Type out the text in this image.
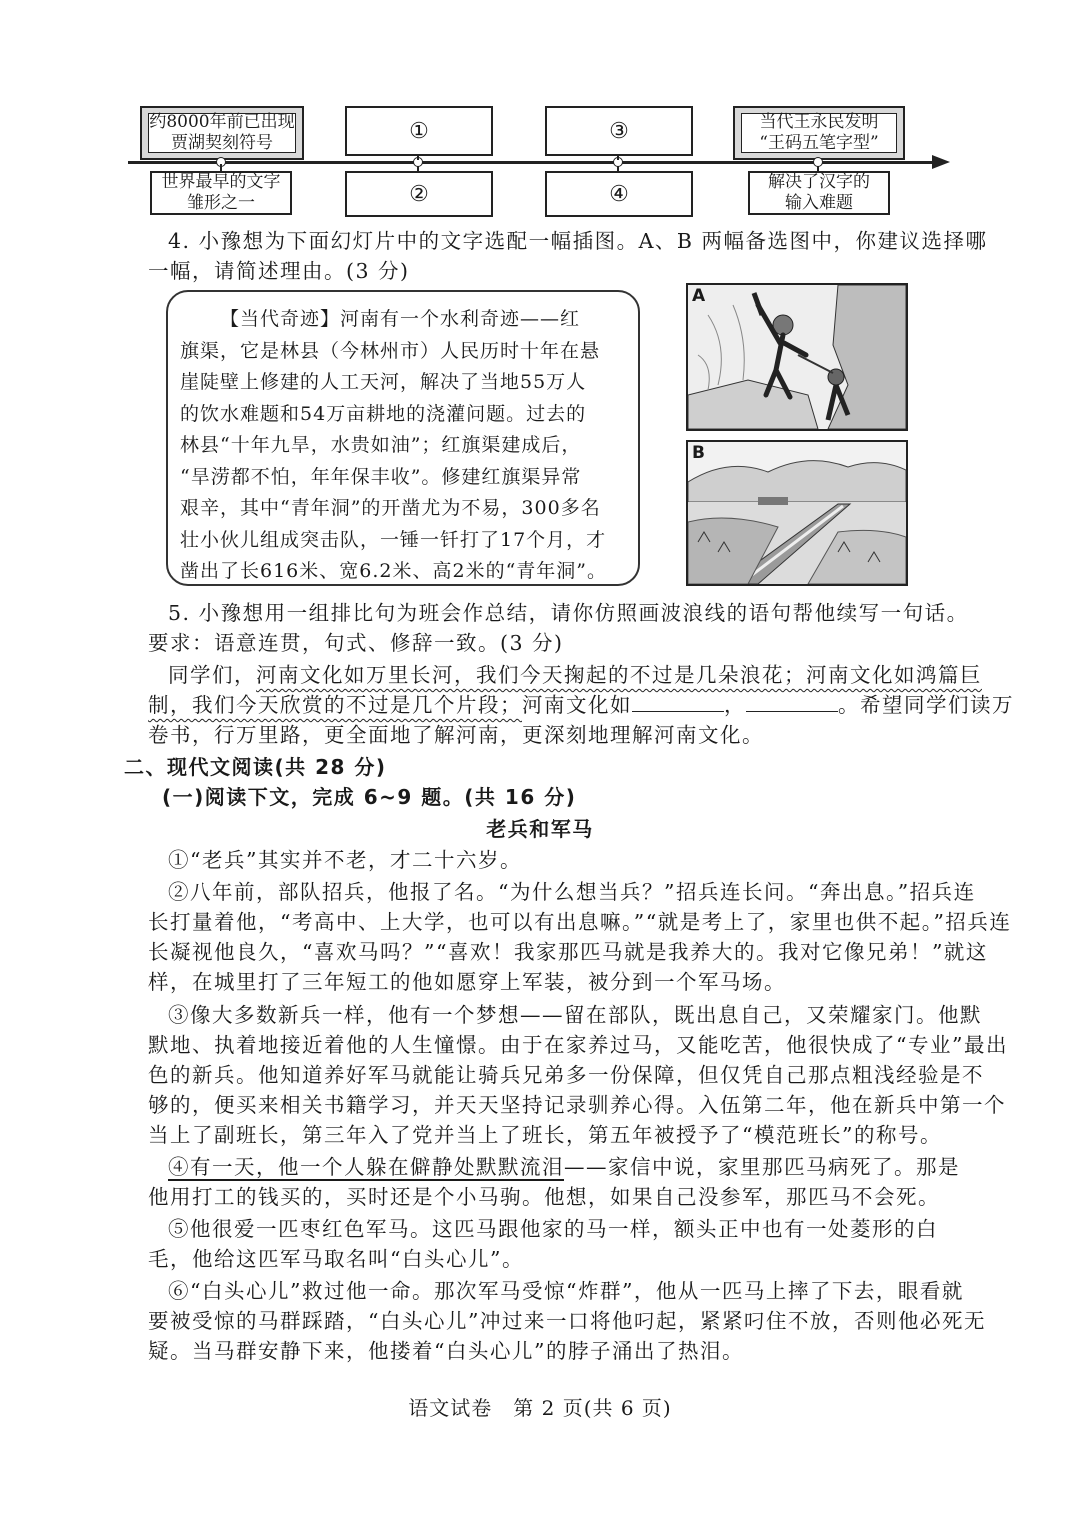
约8000年前已出现
贾湖契刻符号	①	③	当代王永民发明
“王码五笔字型”
世界最早的文字
雏形之一	②	④	解决了汉字的
输入难题
4. 小豫想为下面幻灯片中的文字选配一幅插图。A、B 两幅备选图中，你建议选择哪
一幅，请简述理由。(3 分)
【当代奇迹】河南有一个水利奇迹——红
旗渠，它是林县（今林州市）人民历时十年在悬
崖陡壁上修建的人工天河，解决了当地55万人
的饮水难题和54万亩耕地的浇灌问题。过去的
林县“十年九旱，水贵如油”；红旗渠建成后，
“旱涝都不怕，年年保丰收”。修建红旗渠异常
艰辛，其中“青年洞”的开凿尤为不易，300多名
壮小伙儿组成突击队，一锤一钎打了17个月，才
凿出了长616米、宽6.2米、高2米的“青年洞”。
A
B
5. 小豫想用一组排比句为班会作总结，请你仿照画波浪线的语句帮他续写一句话。
要求：语意连贯，句式、修辞一致。(3 分)
同学们，河南文化如万里长河，我们今天掬起的不过是几朵浪花；河南文化如鸿篇巨
制，我们今天欣赏的不过是几个片段；河南文化如	，	。希望同学们读万
卷书，行万里路，更全面地了解河南，更深刻地理解河南文化。
二、现代文阅读(共 28 分)
(一)阅读下文，完成 6~9 题。(共 16 分)
老兵和军马
①“老兵”其实并不老，才二十六岁。
②八年前，部队招兵，他报了名。“为什么想当兵？”招兵连长问。“奔出息。”招兵连
长打量着他，“考高中、上大学，也可以有出息嘛。”“就是考上了，家里也供不起。”招兵连
长凝视他良久，“喜欢马吗？”“喜欢！我家那匹马就是我养大的。我对它像兄弟！”就这
样，在城里打了三年短工的他如愿穿上军装，被分到一个军马场。
③像大多数新兵一样，他有一个梦想——留在部队，既出息自己，又荣耀家门。他默
默地、执着地接近着他的人生憧憬。由于在家养过马，又能吃苦，他很快成了“专业”最出
色的新兵。他知道养好军马就能让骑兵兄弟多一份保障，但仅凭自己那点粗浅经验是不
够的，便买来相关书籍学习，并天天坚持记录驯养心得。入伍第二年，他在新兵中第一个
当上了副班长，第三年入了党并当上了班长，第五年被授予了“模范班长”的称号。
④有一天，他一个人躲在僻静处默默流泪——家信中说，家里那匹马病死了。那是
他用打工的钱买的，买时还是个小马驹。他想，如果自己没参军，那匹马不会死。
⑤他很爱一匹枣红色军马。这匹马跟他家的马一样，额头正中也有一处菱形的白
毛，他给这匹军马取名叫“白头心儿”。
⑥“白头心儿”救过他一命。那次军马受惊“炸群”，他从一匹马上摔了下去，眼看就
要被受惊的马群踩踏，“白头心儿”冲过来一口将他叼起，紧紧叼住不放，否则他必死无
疑。当马群安静下来，他搂着“白头心儿”的脖子涌出了热泪。
语文试卷　第 2 页(共 6 页)
